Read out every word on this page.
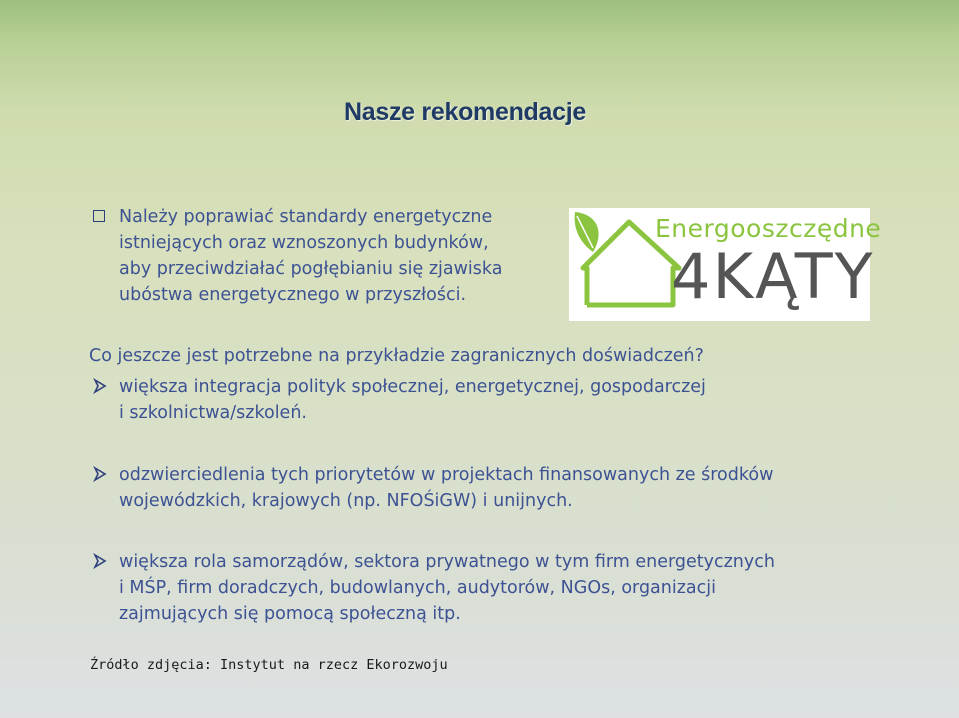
Nasze rekomendacje
Należy poprawiać standardy energetyczne
istniejących oraz wznoszonych budynków,
aby przeciwdziałać pogłębianiu się zjawiska
ubóstwa energetycznego w przyszłości.
Energooszczędne
4KĄTY
Co jeszcze jest potrzebne na przykładzie zagranicznych doświadczeń?
większa integracja polityk społecznej, energetycznej, gospodarczej
i szkolnictwa/szkoleń.
odzwierciedlenia tych priorytetów w projektach finansowanych ze środków
wojewódzkich, krajowych (np. NFOŚiGW) i unijnych.
większa rola samorządów, sektora prywatnego w tym firm energetycznych
i MŚP, firm doradczych, budowlanych, audytorów, NGOs, organizacji
zajmujących się pomocą społeczną itp.
Źródło zdjęcia: Instytut na rzecz Ekorozwoju
